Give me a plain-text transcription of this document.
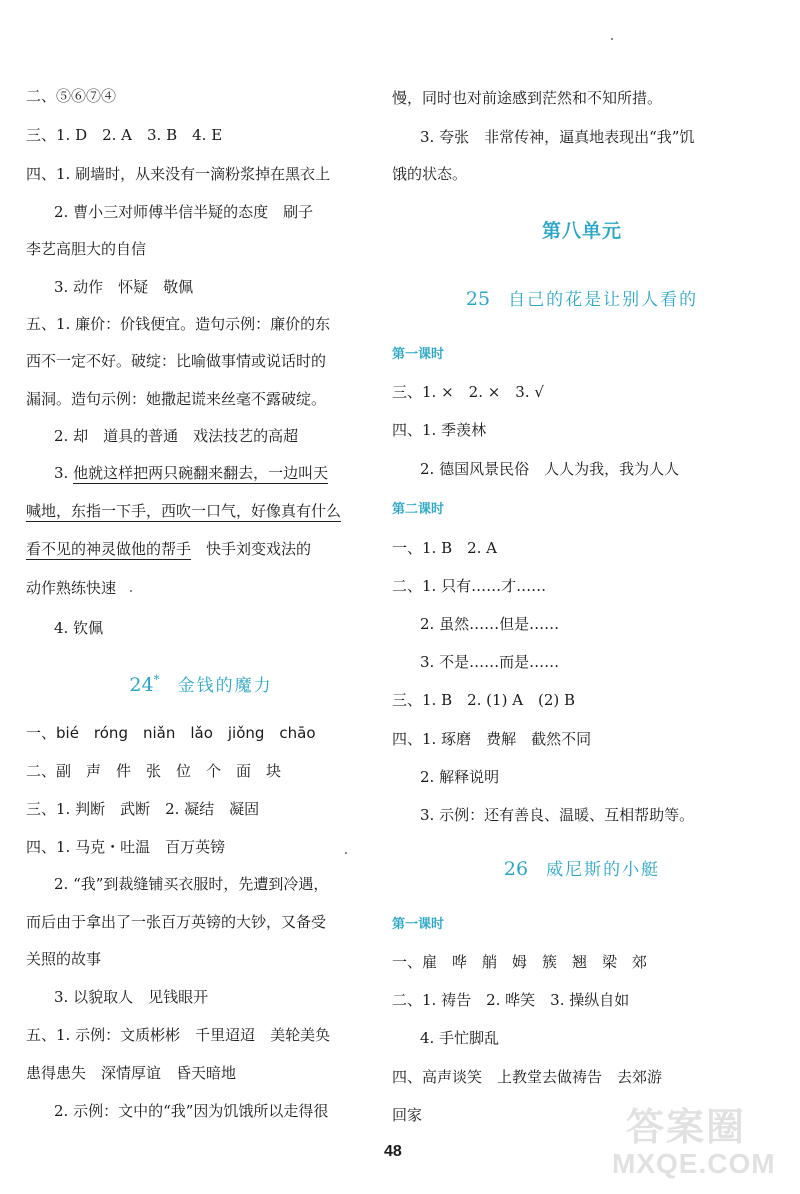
二、⑤⑥⑦④
三、1. D　2. A　3. B　4. E
四、1. 刷墙时，从来没有一滴粉浆掉在黑衣上
2. 曹小三对师傅半信半疑的态度　刷子
李艺高胆大的自信
3. 动作　怀疑　敬佩
五、1. 廉价：价钱便宜。造句示例：廉价的东
西不一定不好。破绽：比喻做事情或说话时的
漏洞。造句示例：她撒起谎来丝毫不露破绽。
2. 却　道具的普通　戏法技艺的高超
3. 他就这样把两只碗翻来翻去，一边叫天
喊地，东指一下手，西吹一口气，好像真有什么
看不见的神灵做他的帮手　快手刘变戏法的
动作熟练快速
4. 钦佩
24* 金钱的魔力
一、bié　róng　niǎn　lǎo　jiǒng　chāo
二、副　声　件　张　位　个　面　块
三、1. 判断　武断　2. 凝结　凝固
四、1. 马克・吐温　百万英镑
2. “我”到裁缝铺买衣服时，先遭到冷遇，
而后由于拿出了一张百万英镑的大钞，又备受
关照的故事
3. 以貌取人　见钱眼开
五、1. 示例：文质彬彬　千里迢迢　美轮美奂
患得患失　深情厚谊　昏天暗地
2. 示例：文中的“我”因为饥饿所以走得很
慢，同时也对前途感到茫然和不知所措。
3. 夸张　非常传神，逼真地表现出“我”饥
饿的状态。
第八单元
25 自己的花是让别人看的
第一课时
三、1. ×　2. ×　3. √
四、1. 季羡林
2. 德国风景民俗　人人为我，我为人人
第二课时
一、1. B　2. A
二、1. 只有……才……
2. 虽然……但是……
3. 不是……而是……
三、1. B　2. (1) A　(2) B
四、1. 琢磨　费解　截然不同
2. 解释说明
3. 示例：还有善良、温暖、互相帮助等。
26 威尼斯的小艇
第一课时
一、雇　哗　艄　姆　簇　翘　梁　郊
二、1. 祷告　2. 哗笑　3. 操纵自如
4. 手忙脚乱
四、高声谈笑　上教堂去做祷告　去郊游
回家
48
答案圈
MXQE.COM
